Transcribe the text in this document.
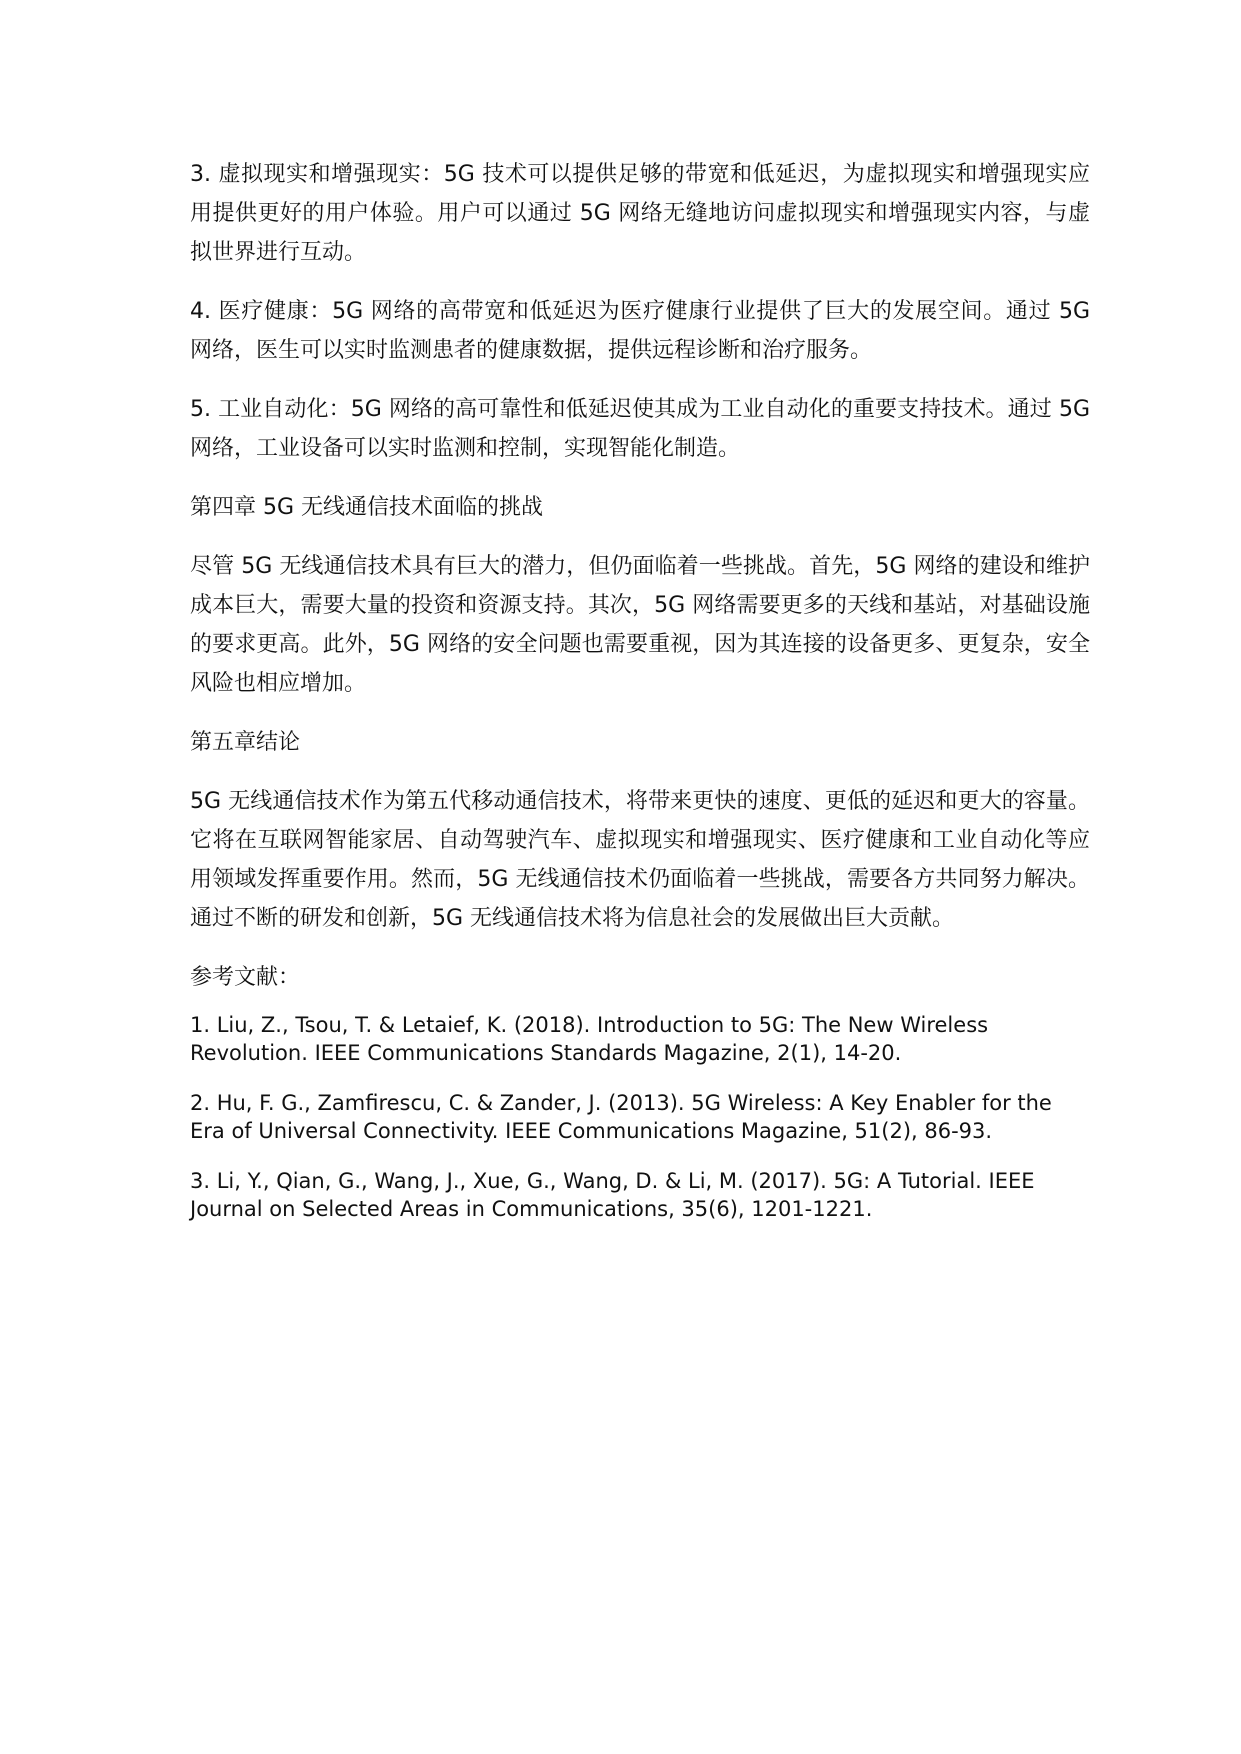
3. 虚拟现实和增强现实：5G 技术可以提供足够的带宽和低延迟，为虚拟现实和增强现实应用提供更好的用户体验。用户可以通过 5G 网络无缝地访问虚拟现实和增强现实内容，与虚拟世界进行互动。

4. 医疗健康：5G 网络的高带宽和低延迟为医疗健康行业提供了巨大的发展空间。通过 5G 网络，医生可以实时监测患者的健康数据，提供远程诊断和治疗服务。

5. 工业自动化：5G 网络的高可靠性和低延迟使其成为工业自动化的重要支持技术。通过 5G 网络，工业设备可以实时监测和控制，实现智能化制造。

第四章 5G 无线通信技术面临的挑战

尽管 5G 无线通信技术具有巨大的潜力，但仍面临着一些挑战。首先，5G 网络的建设和维护成本巨大，需要大量的投资和资源支持。其次，5G 网络需要更多的天线和基站，对基础设施的要求更高。此外，5G 网络的安全问题也需要重视，因为其连接的设备更多、更复杂，安全风险也相应增加。

第五章结论

5G 无线通信技术作为第五代移动通信技术，将带来更快的速度、更低的延迟和更大的容量。它将在互联网智能家居、自动驾驶汽车、虚拟现实和增强现实、医疗健康和工业自动化等应用领域发挥重要作用。然而，5G 无线通信技术仍面临着一些挑战，需要各方共同努力解决。通过不断的研发和创新，5G 无线通信技术将为信息社会的发展做出巨大贡献。

参考文献：
1. Liu, Z., Tsou, T. & Letaief, K. (2018). Introduction to 5G: The New Wireless Revolution. IEEE Communications Standards Magazine, 2(1), 14-20.
2. Hu, F. G., Zamfirescu, C. & Zander, J. (2013). 5G Wireless: A Key Enabler for the Era of Universal Connectivity. IEEE Communications Magazine, 51(2), 86-93.
3. Li, Y., Qian, G., Wang, J., Xue, G., Wang, D. & Li, M. (2017). 5G: A Tutorial. IEEE Journal on Selected Areas in Communications, 35(6), 1201-1221.
